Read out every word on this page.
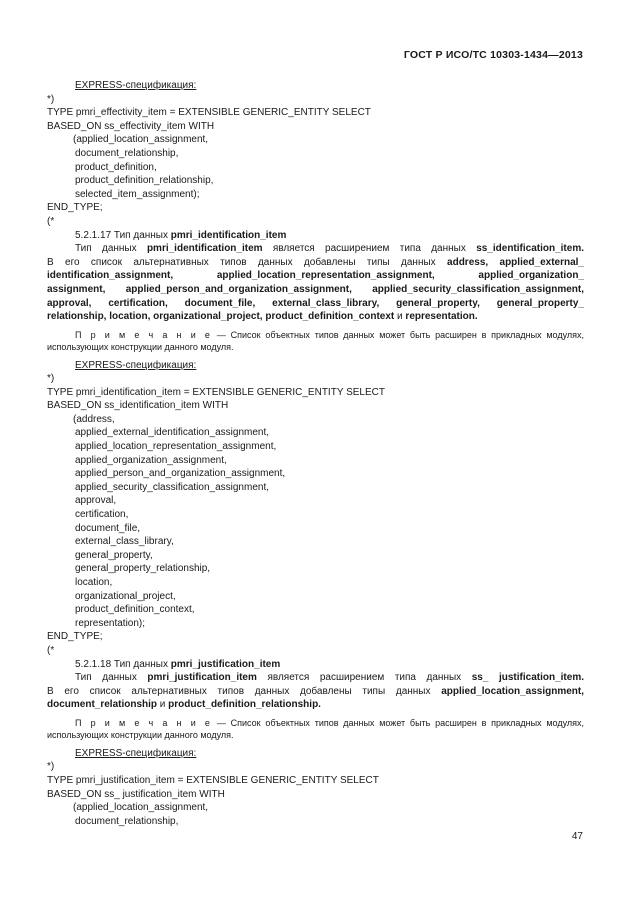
ГОСТ Р ИСО/ТС 10303-1434—2013
EXPRESS-спецификация:
*)
TYPE pmri_effectivity_item = EXTENSIBLE GENERIC_ENTITY SELECT
BASED_ON ss_effectivity_item WITH
(applied_location_assignment,
document_relationship,
product_definition,
product_definition_relationship,
selected_item_assignment);
END_TYPE;
(*
5.2.1.17 Тип данных pmri_identification_item
Тип данных pmri_identification_item является расширением типа данных ss_identification_item.
В его список альтернативных типов данных добавлены типы данных address, applied_external_
identification_assignment, applied_location_representation_assignment, applied_organization_
assignment, applied_person_and_organization_assignment, applied_security_classification_assignment,
approval, certification, document_file, external_class_library, general_property, general_property_
relationship, location, organizational_project, product_definition_context и representation.
П р и м е ч а н и е — Список объектных типов данных может быть расширен в прикладных модулях,
использующих конструкции данного модуля.
EXPRESS-спецификация:
*)
TYPE pmri_identification_item = EXTENSIBLE GENERIC_ENTITY SELECT
BASED_ON ss_identification_item WITH
(address,
applied_external_identification_assignment,
applied_location_representation_assignment,
applied_organization_assignment,
applied_person_and_organization_assignment,
applied_security_classification_assignment,
approval,
certification,
document_file,
external_class_library,
general_property,
general_property_relationship,
location,
organizational_project,
product_definition_context,
representation);
END_TYPE;
(*
5.2.1.18 Тип данных pmri_justification_item
Тип данных pmri_justification_item является расширением типа данных ss_ justification_item.
В его список альтернативных типов данных добавлены типы данных applied_location_assignment,
document_relationship и product_definition_relationship.
П р и м е ч а н и е — Список объектных типов данных может быть расширен в прикладных модулях,
использующих конструкции данного модуля.
EXPRESS-спецификация:
*)
TYPE pmri_justification_item = EXTENSIBLE GENERIC_ENTITY SELECT
BASED_ON ss_ justification_item WITH
(applied_location_assignment,
document_relationship,
47
